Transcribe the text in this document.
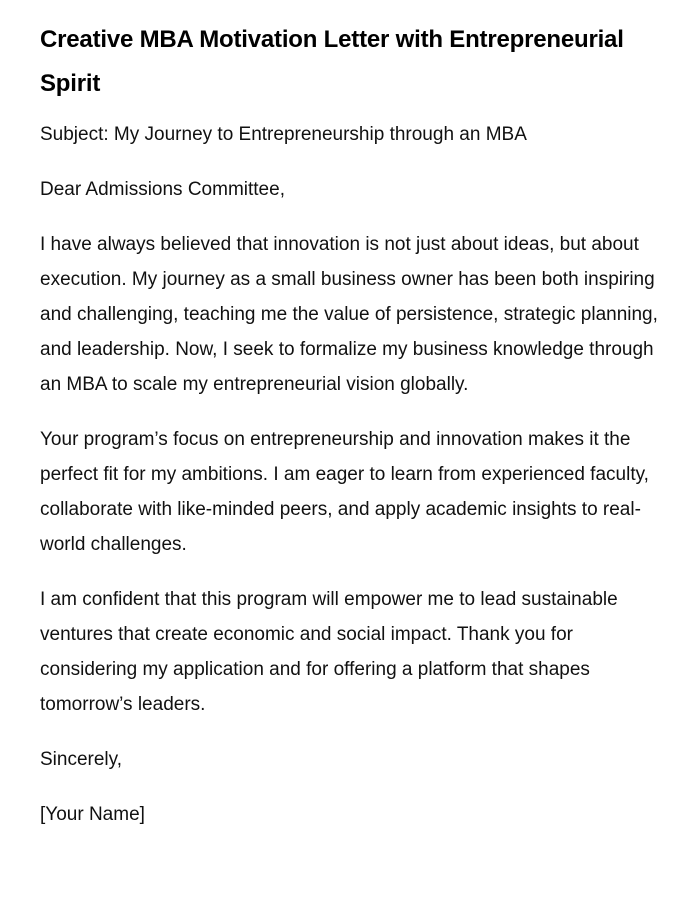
Creative MBA Motivation Letter with Entrepreneurial Spirit

Subject: My Journey to Entrepreneurship through an MBA

Dear Admissions Committee,

I have always believed that innovation is not just about ideas, but about execution. My journey as a small business owner has been both inspiring and challenging, teaching me the value of persistence, strategic planning, and leadership. Now, I seek to formalize my business knowledge through an MBA to scale my entrepreneurial vision globally.

Your program’s focus on entrepreneurship and innovation makes it the perfect fit for my ambitions. I am eager to learn from experienced faculty, collaborate with like-minded peers, and apply academic insights to real-world challenges.

I am confident that this program will empower me to lead sustainable ventures that create economic and social impact. Thank you for considering my application and for offering a platform that shapes tomorrow’s leaders.

Sincerely,

[Your Name]
